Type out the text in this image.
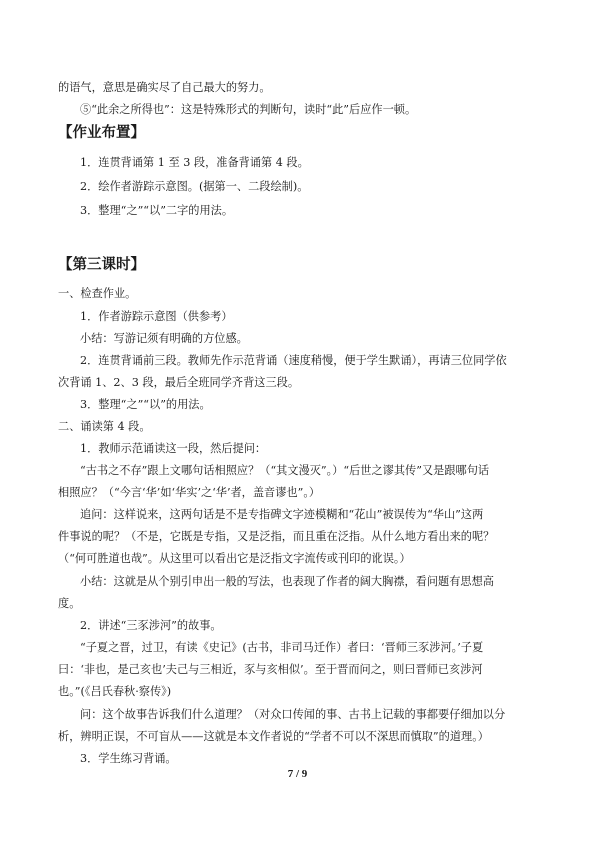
的语气，意思是确实尽了自己最大的努力。
⑤“此余之所得也”：这是特殊形式的判断句，读时“此”后应作一顿。
【作业布置】
1．连贯背诵第 1 至 3 段，准备背诵第 4 段。
2．绘作者游踪示意图。(据第一、二段绘制)。
3．整理“之”“以”二字的用法。
【第三课时】
一、检查作业。
1．作者游踪示意图（供参考）
小结：写游记须有明确的方位感。
2．连贯背诵前三段。教师先作示范背诵（速度稍慢，便于学生默诵），再请三位同学依
次背诵 1、2、3 段，最后全班同学齐背这三段。
3．整理“之”“以”的用法。
二、诵读第 4 段。
1．教师示范诵读这一段，然后提问：
“古书之不存”跟上文哪句话相照应？（“其文漫灭”。）“后世之谬其传”又是跟哪句话
相照应？（“今言‘华’如‘华实’之‘华’者，盖音谬也”。）
追问：这样说来，这两句话是不是专指碑文字迹模糊和“花山”被误传为“华山”这两
件事说的呢？（不是，它既是专指，又是泛指，而且重在泛指。从什么地方看出来的呢？
（“何可胜道也哉”。从这里可以看出它是泛指文字流传或刊印的讹误。）
小结：这就是从个别引申出一般的写法，也表现了作者的阔大胸襟，看问题有思想高
度。
2．讲述“三豕涉河”的故事。
“子夏之晋，过卫，有读《史记》(古书，非司马迁作）者曰：‘晋师三豕涉河。’子夏
曰：‘非也，是己亥也’夫己与三相近，豕与亥相似’。至于晋而问之，则曰晋师已亥涉河
也。”(《吕氏春秋·察传》)
问：这个故事告诉我们什么道理？（对众口传闻的事、古书上记载的事都要仔细加以分
析，辨明正误，不可盲从——这就是本文作者说的“学者不可以不深思而慎取”的道理。）
3．学生练习背诵。
7 / 9
